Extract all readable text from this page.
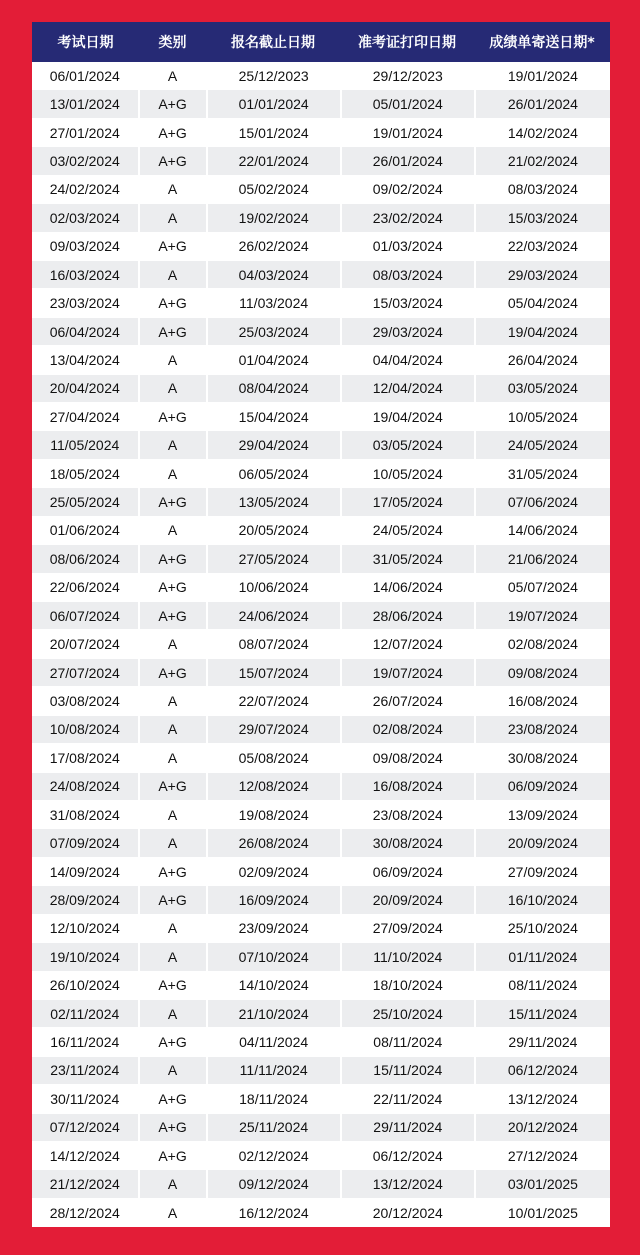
考试日期	类别	报名截止日期	准考证打印日期	成绩单寄送日期*
06/01/2024	A	25/12/2023	29/12/2023	19/01/2024
13/01/2024	A+G	01/01/2024	05/01/2024	26/01/2024
27/01/2024	A+G	15/01/2024	19/01/2024	14/02/2024
03/02/2024	A+G	22/01/2024	26/01/2024	21/02/2024
24/02/2024	A	05/02/2024	09/02/2024	08/03/2024
02/03/2024	A	19/02/2024	23/02/2024	15/03/2024
09/03/2024	A+G	26/02/2024	01/03/2024	22/03/2024
16/03/2024	A	04/03/2024	08/03/2024	29/03/2024
23/03/2024	A+G	11/03/2024	15/03/2024	05/04/2024
06/04/2024	A+G	25/03/2024	29/03/2024	19/04/2024
13/04/2024	A	01/04/2024	04/04/2024	26/04/2024
20/04/2024	A	08/04/2024	12/04/2024	03/05/2024
27/04/2024	A+G	15/04/2024	19/04/2024	10/05/2024
11/05/2024	A	29/04/2024	03/05/2024	24/05/2024
18/05/2024	A	06/05/2024	10/05/2024	31/05/2024
25/05/2024	A+G	13/05/2024	17/05/2024	07/06/2024
01/06/2024	A	20/05/2024	24/05/2024	14/06/2024
08/06/2024	A+G	27/05/2024	31/05/2024	21/06/2024
22/06/2024	A+G	10/06/2024	14/06/2024	05/07/2024
06/07/2024	A+G	24/06/2024	28/06/2024	19/07/2024
20/07/2024	A	08/07/2024	12/07/2024	02/08/2024
27/07/2024	A+G	15/07/2024	19/07/2024	09/08/2024
03/08/2024	A	22/07/2024	26/07/2024	16/08/2024
10/08/2024	A	29/07/2024	02/08/2024	23/08/2024
17/08/2024	A	05/08/2024	09/08/2024	30/08/2024
24/08/2024	A+G	12/08/2024	16/08/2024	06/09/2024
31/08/2024	A	19/08/2024	23/08/2024	13/09/2024
07/09/2024	A	26/08/2024	30/08/2024	20/09/2024
14/09/2024	A+G	02/09/2024	06/09/2024	27/09/2024
28/09/2024	A+G	16/09/2024	20/09/2024	16/10/2024
12/10/2024	A	23/09/2024	27/09/2024	25/10/2024
19/10/2024	A	07/10/2024	11/10/2024	01/11/2024
26/10/2024	A+G	14/10/2024	18/10/2024	08/11/2024
02/11/2024	A	21/10/2024	25/10/2024	15/11/2024
16/11/2024	A+G	04/11/2024	08/11/2024	29/11/2024
23/11/2024	A	11/11/2024	15/11/2024	06/12/2024
30/11/2024	A+G	18/11/2024	22/11/2024	13/12/2024
07/12/2024	A+G	25/11/2024	29/11/2024	20/12/2024
14/12/2024	A+G	02/12/2024	06/12/2024	27/12/2024
21/12/2024	A	09/12/2024	13/12/2024	03/01/2025
28/12/2024	A	16/12/2024	20/12/2024	10/01/2025
